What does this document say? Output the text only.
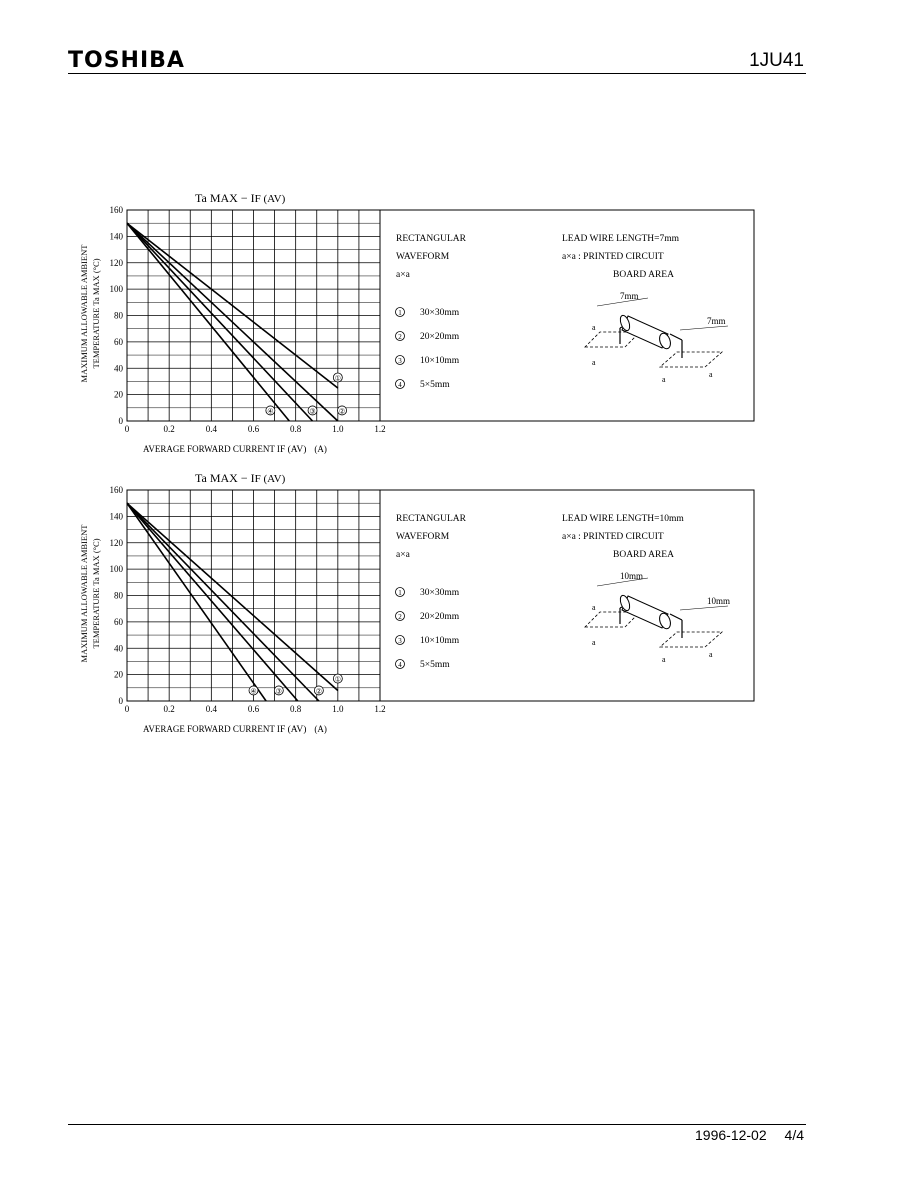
TOSHIBA	1JU41
0
20
40
60
80
100
120
140
160
0	0.2	0.4	0.6	0.8	1.0	1.2
Ta MAX − IF (AV)
MAXIMUM ALLOWABLE AMBIENT TEMPERATURE Ta MAX (°C)
AVERAGE FORWARD CURRENT IF (AV) (A)
①
②
③
④
RECTANGULAR
WAVEFORM
a×a
1 30×30mm
2 20×20mm
3 10×10mm
4 5×5mm
LEAD WIRE LENGTH=7mm
a×a : PRINTED CIRCUIT
BOARD AREA
7mm
7mm
a
a
a
a
0
20
40
60
80
100
120
140
160
0	0.2	0.4	0.6	0.8	1.0	1.2
Ta MAX − IF (AV)
MAXIMUM ALLOWABLE AMBIENT TEMPERATURE Ta MAX (°C)
AVERAGE FORWARD CURRENT IF (AV) (A)
①
②
③
④
RECTANGULAR
WAVEFORM
a×a
1 30×30mm
2 20×20mm
3 10×10mm
4 5×5mm
LEAD WIRE LENGTH=10mm
a×a : PRINTED CIRCUIT
BOARD AREA
10mm
10mm
a
a
a
a
1996-12-02 4/4
